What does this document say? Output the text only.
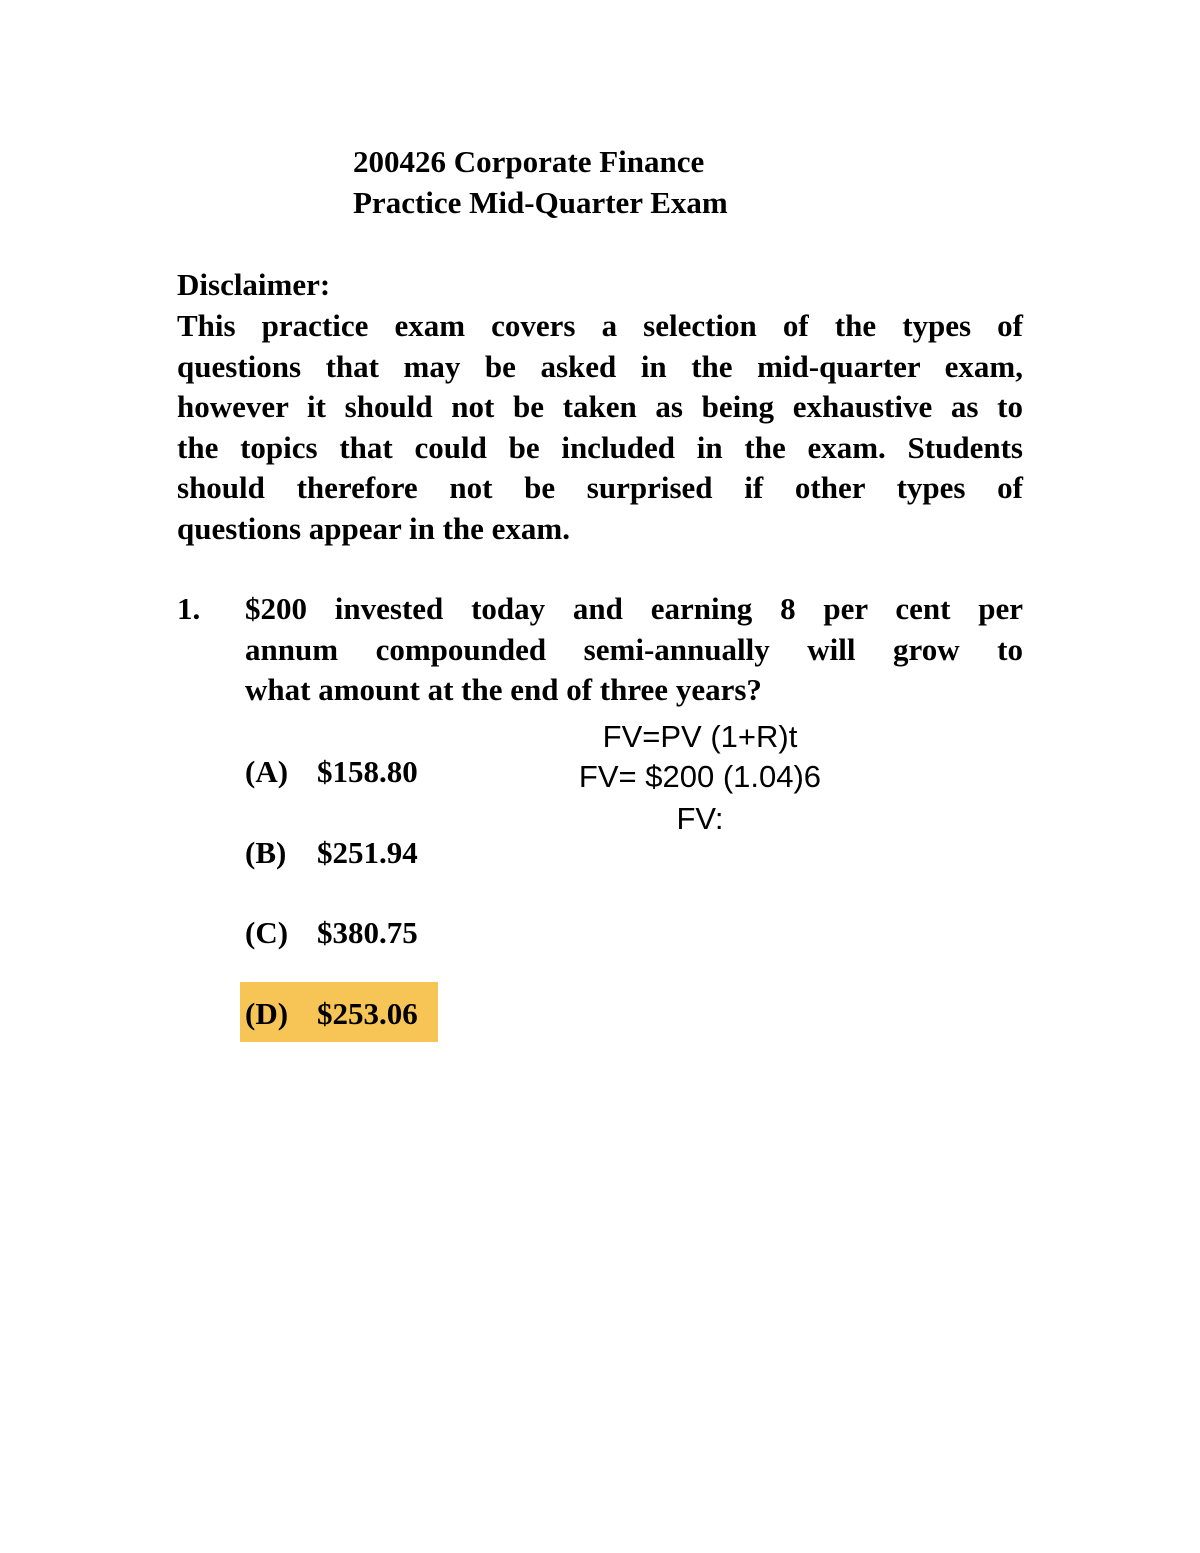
200426 Corporate Finance
Practice Mid-Quarter Exam
Disclaimer:
This practice exam covers a selection of the types of
questions that may be asked in the mid-quarter exam,
however it should not be taken as being exhaustive as to
the topics that could be included in the exam. Students
should therefore not be surprised if other types of
questions appear in the exam.
1. $200 invested today and earning 8 per cent per
annum compounded semi-annually will grow to
what amount at the end of three years?
(A) $158.80
(B) $251.94
(C) $380.75
(D) $253.06
FV=PV (1+R)t
FV= $200 (1.04)6
FV:
